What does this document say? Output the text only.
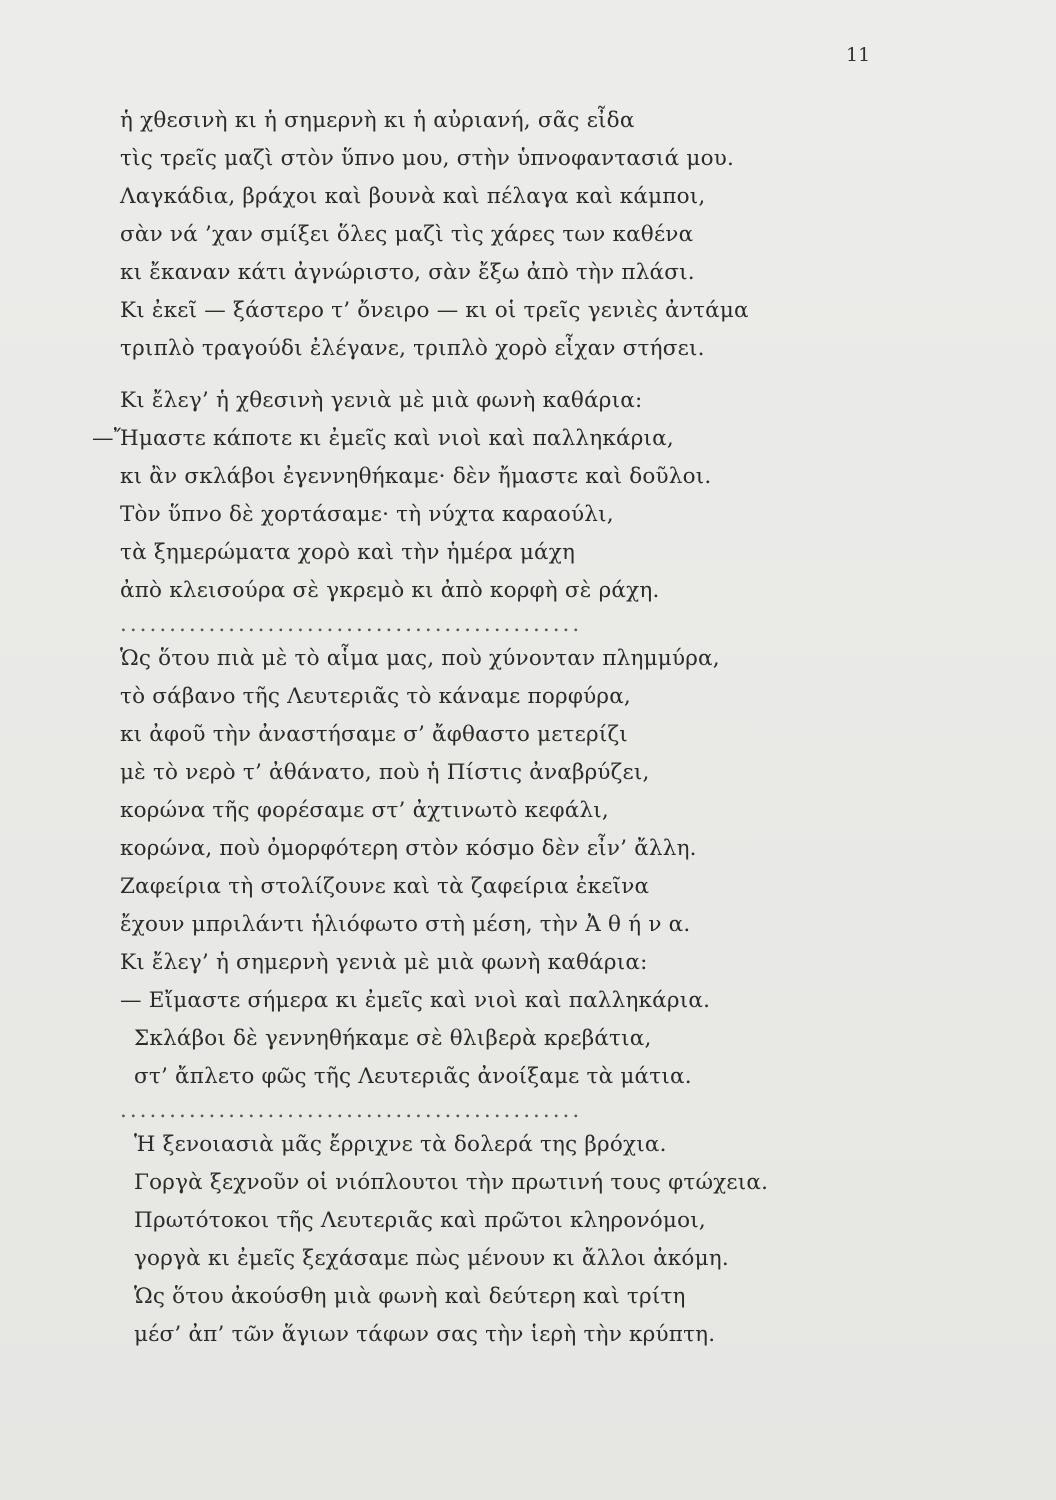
11
ἡ χθεσινὴ κι ἡ σημερνὴ κι ἡ αὐριανή, σᾶς εἶδα
τὶς τρεῖς μαζὶ στὸν ὕπνο μου, στὴν ὑπνοφαντασιά μου.
Λαγκάδια, βράχοι καὶ βουνὰ καὶ πέλαγα καὶ κάμποι,
σὰν νά ’χαν σμίξει ὅλες μαζὶ τὶς χάρες των καθένα
κι ἔκαναν κάτι ἀγνώριστο, σὰν ἔξω ἀπὸ τὴν πλάσι.
Κι ἐκεῖ — ξάστερο τ’ ὄνειρο — κι οἱ τρεῖς γενιὲς ἀντάμα
τριπλὸ τραγούδι ἐλέγανε, τριπλὸ χορὸ εἶχαν στήσει.
Κι ἔλεγ’ ἡ χθεσινὴ γενιὰ μὲ μιὰ φωνὴ καθάρια:
—Ἤμαστε κάποτε κι ἐμεῖς καὶ νιοὶ καὶ παλληκάρια,
κι ἂν σκλάβοι ἐγεννηθήκαμε· δὲν ἤμαστε καὶ δοῦλοι.
Τὸν ὕπνο δὲ χορτάσαμε· τὴ νύχτα καραούλι,
τὰ ξημερώματα χορὸ καὶ τὴν ἡμέρα μάχη
ἀπὸ κλεισούρα σὲ γκρεμὸ κι ἀπὸ κορφὴ σὲ ράχη.
...............................................
Ὡς ὅτου πιὰ μὲ τὸ αἷμα μας, ποὺ χύνονταν πλημμύρα,
τὸ σάβανο τῆς Λευτεριᾶς τὸ κάναμε πορφύρα,
κι ἀφοῦ τὴν ἀναστήσαμε σ’ ἄφθαστο μετερίζι
μὲ τὸ νερὸ τ’ ἀθάνατο, ποὺ ἡ Πίστις ἀναβρύζει,
κορώνα τῆς φορέσαμε στ’ ἀχτινωτὸ κεφάλι,
κορώνα, ποὺ ὀμορφότερη στὸν κόσμο δὲν εἶν’ ἄλλη.
Ζαφείρια τὴ στολίζουνε καὶ τὰ ζαφείρια ἐκεῖνα
ἔχουν μπριλάντι ἡλιόφωτο στὴ μέση, τὴν Ἀ θ ή ν α.
Κι ἔλεγ’ ἡ σημερνὴ γενιὰ μὲ μιὰ φωνὴ καθάρια:
— Εἴμαστε σήμερα κι ἐμεῖς καὶ νιοὶ καὶ παλληκάρια.
Σκλάβοι δὲ γεννηθήκαμε σὲ θλιβερὰ κρεβάτια,
στ’ ἄπλετο φῶς τῆς Λευτεριᾶς ἀνοίξαμε τὰ μάτια.
...............................................
Ἡ ξενοιασιὰ μᾶς ἔρριχνε τὰ δολερά της βρόχια.
Γοργὰ ξεχνοῦν οἱ νιόπλουτοι τὴν πρωτινή τους φτώχεια.
Πρωτότοκοι τῆς Λευτεριᾶς καὶ πρῶτοι κληρονόμοι,
γοργὰ κι ἐμεῖς ξεχάσαμε πὼς μένουν κι ἄλλοι ἀκόμη.
Ὡς ὅτου ἀκούσθη μιὰ φωνὴ καὶ δεύτερη καὶ τρίτη
μέσ’ ἀπ’ τῶν ἅγιων τάφων σας τὴν ἱερὴ τὴν κρύπτη.
